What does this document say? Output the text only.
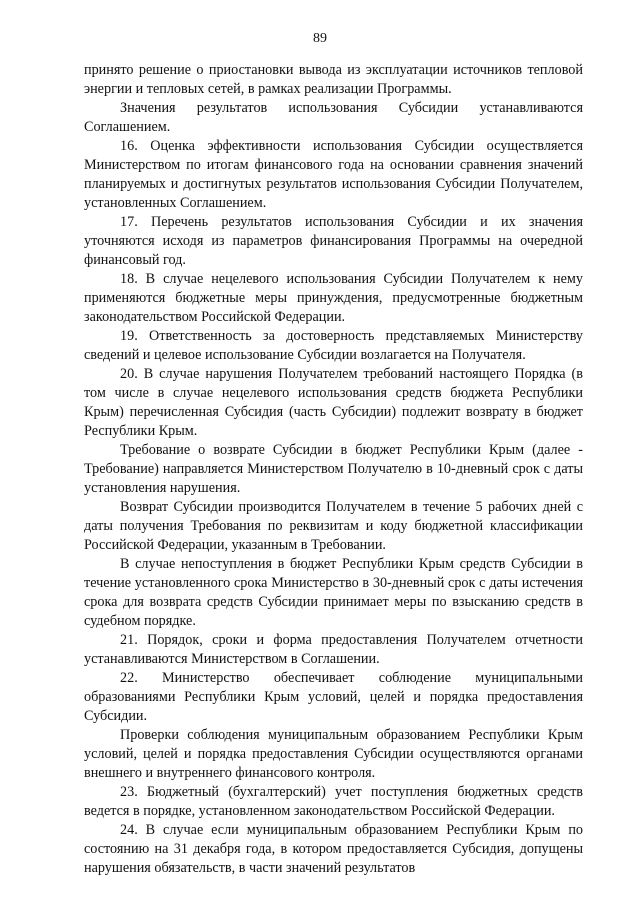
89

принято решение о приостановки вывода из эксплуатации источников тепловой энергии и тепловых сетей, в рамках реализации Программы.

Значения результатов использования Субсидии устанавливаются Соглашением.

16. Оценка эффективности использования Субсидии осуществляется Министерством по итогам финансового года на основании сравнения значений планируемых и достигнутых результатов использования Субсидии Получателем, установленных Соглашением.

17. Перечень результатов использования Субсидии и их значения уточняются исходя из параметров финансирования Программы на очередной финансовый год.

18. В случае нецелевого использования Субсидии Получателем к нему применяются бюджетные меры принуждения, предусмотренные бюджетным законодательством Российской Федерации.

19. Ответственность за достоверность представляемых Министерству сведений и целевое использование Субсидии возлагается на Получателя.

20. В случае нарушения Получателем требований настоящего Порядка (в том числе в случае нецелевого использования средств бюджета Республики Крым) перечисленная Субсидия (часть Субсидии) подлежит возврату в бюджет Республики Крым.

Требование о возврате Субсидии в бюджет Республики Крым (далее - Требование) направляется Министерством Получателю в 10-дневный срок с даты установления нарушения.

Возврат Субсидии производится Получателем в течение 5 рабочих дней с даты получения Требования по реквизитам и коду бюджетной классификации Российской Федерации, указанным в Требовании.

В случае непоступления в бюджет Республики Крым средств Субсидии в течение установленного срока Министерство в 30-дневный срок с даты истечения срока для возврата средств Субсидии принимает меры по взысканию средств в судебном порядке.

21. Порядок, сроки и форма предоставления Получателем отчетности устанавливаются Министерством в Соглашении.

22. Министерство обеспечивает соблюдение муниципальными образованиями Республики Крым условий, целей и порядка предоставления Субсидии.

Проверки соблюдения муниципальным образованием Республики Крым условий, целей и порядка предоставления Субсидии осуществляются органами внешнего и внутреннего финансового контроля.

23. Бюджетный (бухгалтерский) учет поступления бюджетных средств ведется в порядке, установленном законодательством Российской Федерации.

24. В случае если муниципальным образованием Республики Крым по состоянию на 31 декабря года, в котором предоставляется Субсидия, допущены нарушения обязательств, в части значений результатов
